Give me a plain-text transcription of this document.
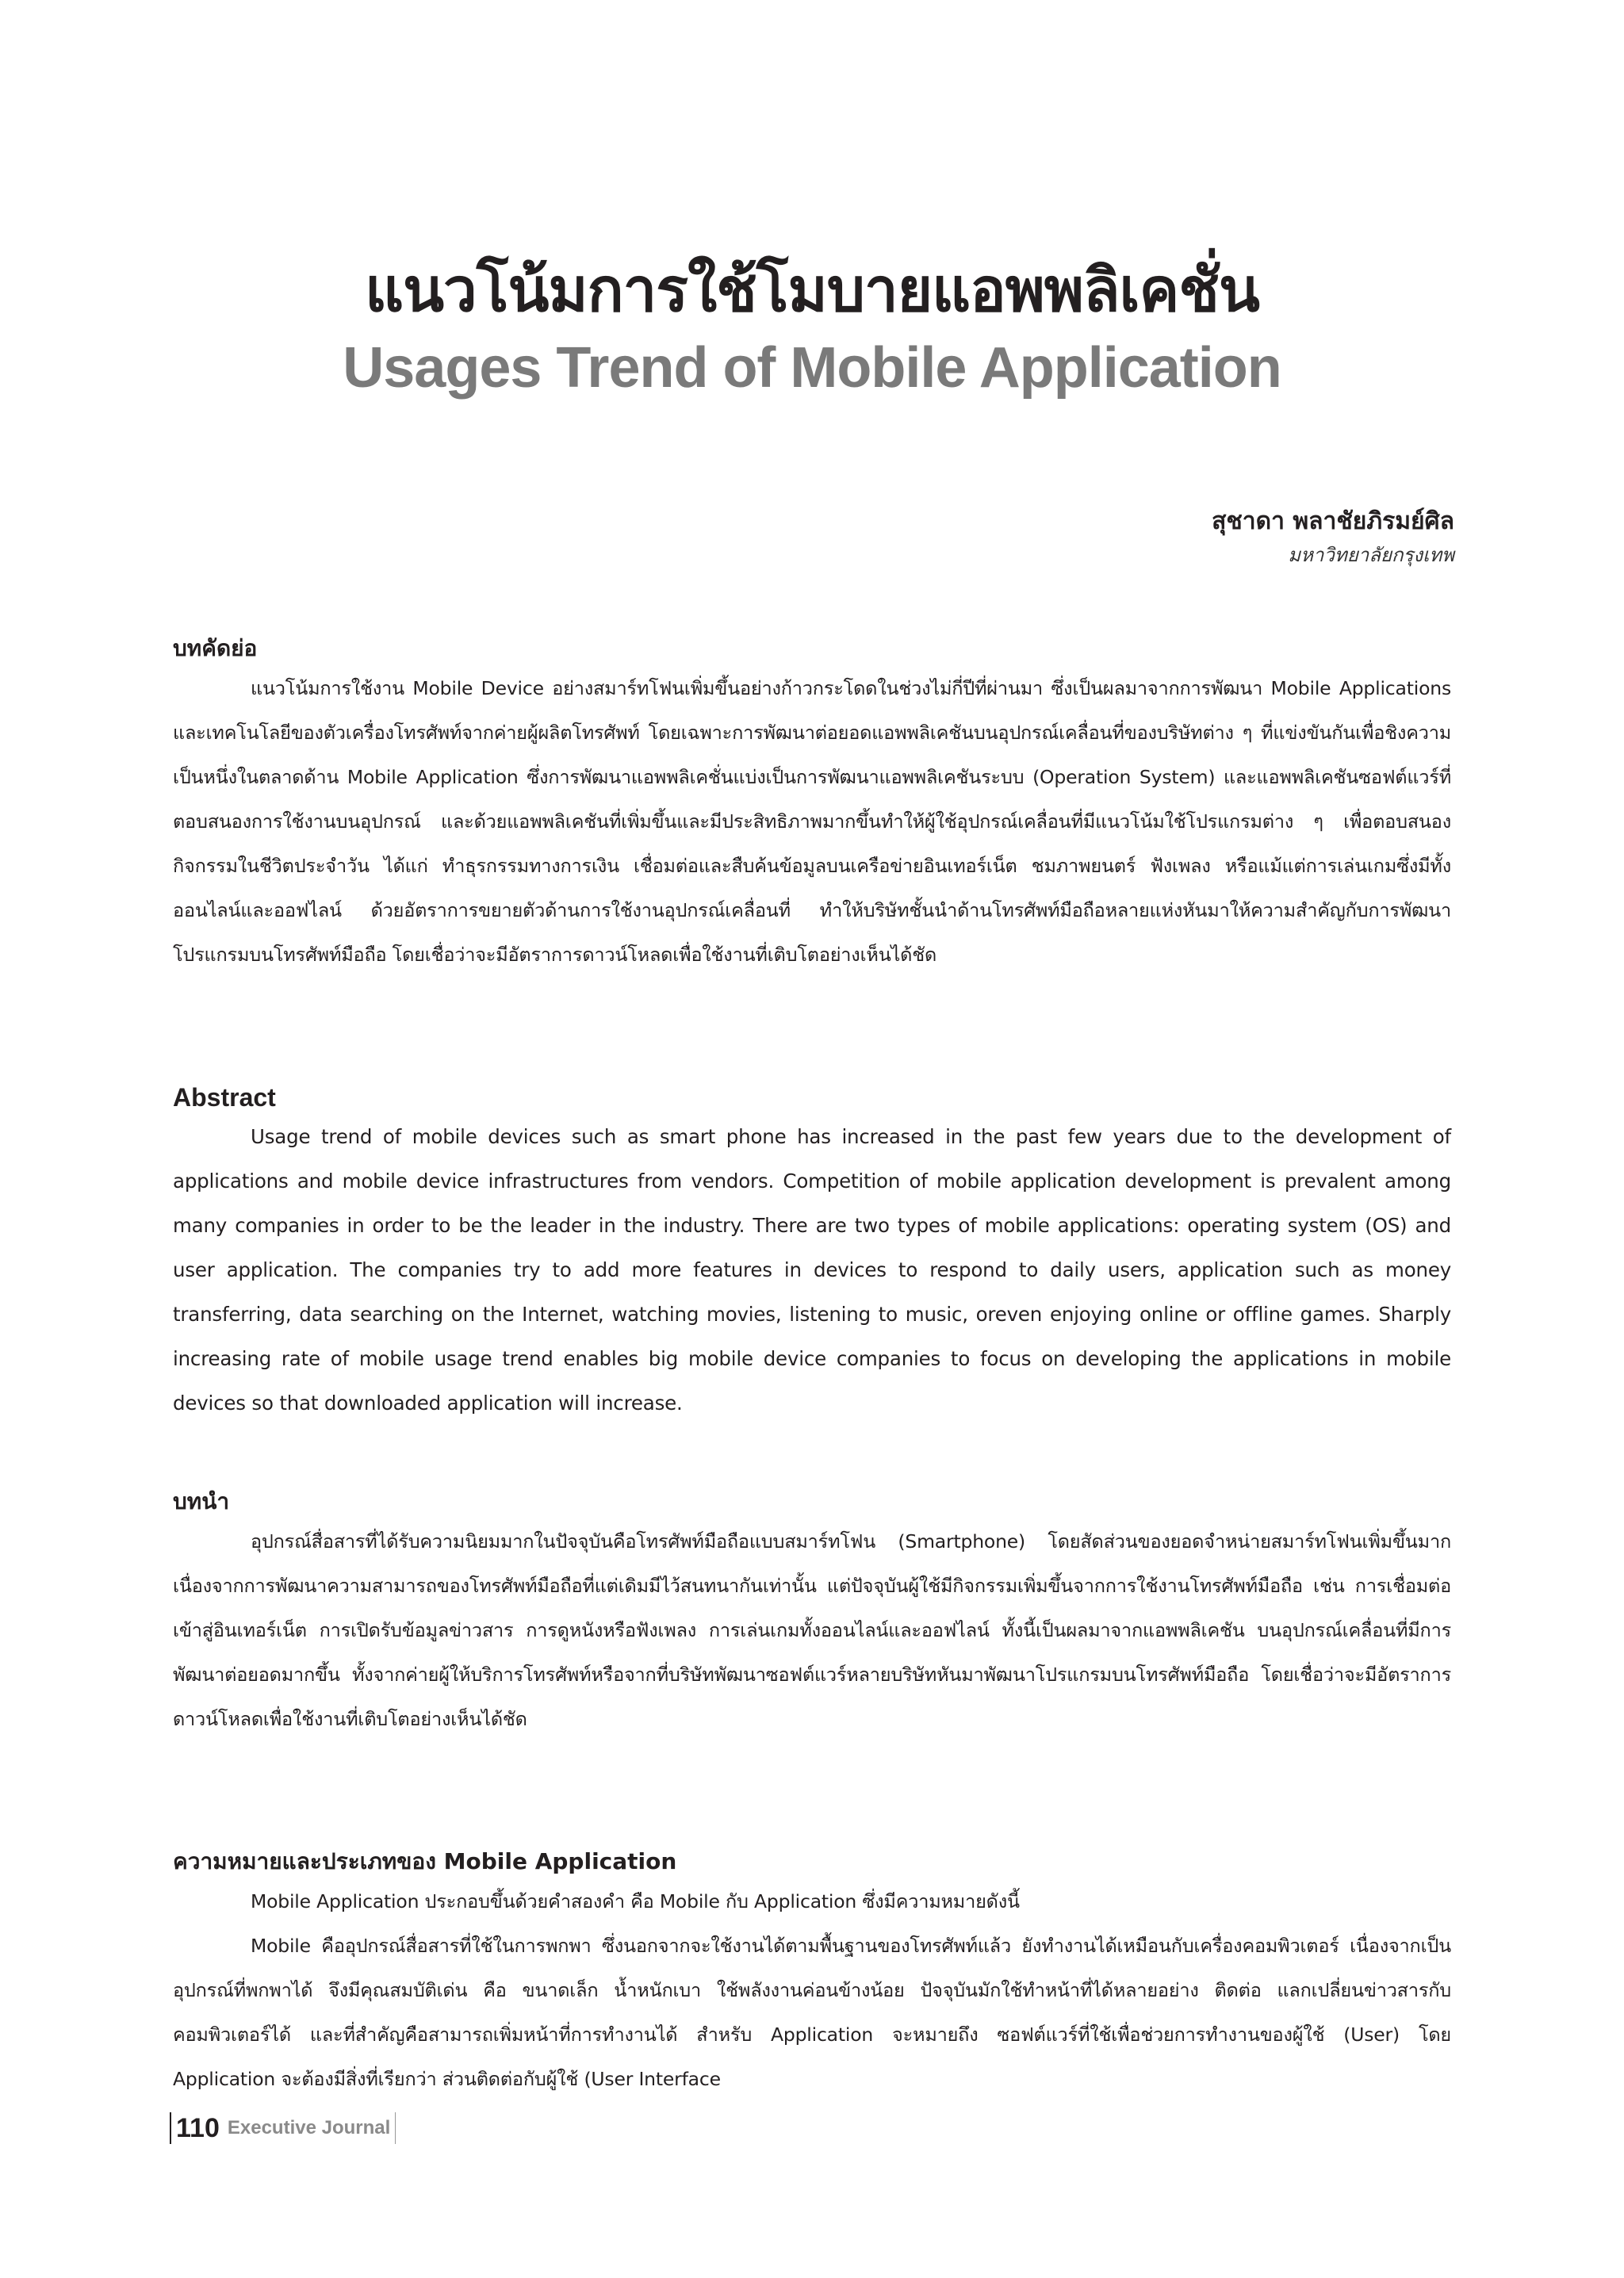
แนวโน้มการใช้โมบายแอพพลิเคชั่น
Usages Trend of Mobile Application
สุชาดา พลาชัยภิรมย์ศิล
มหาวิทยาลัยกรุงเทพ

บทคัดย่อ

แนวโน้มการใช้งาน Mobile Device อย่างสมาร์ทโฟนเพิ่มขึ้นอย่างก้าวกระโดดในช่วงไม่กี่ปีที่ผ่านมา ซึ่งเป็นผลมาจากการพัฒนา Mobile Applications และเทคโนโลยีของตัวเครื่องโทรศัพท์จากค่ายผู้ผลิตโทรศัพท์ โดยเฉพาะการพัฒนาต่อยอดแอพพลิเคชันบนอุปกรณ์เคลื่อนที่ของบริษัทต่าง ๆ ที่แข่งขันกันเพื่อชิงความเป็นหนึ่งในตลาดด้าน Mobile Application ซึ่งการพัฒนาแอพพลิเคชั่นแบ่งเป็นการพัฒนาแอพพลิเคชันระบบ (Operation System) และแอพพลิเคชันซอฟต์แวร์ที่ตอบสนองการใช้งานบนอุปกรณ์ และด้วยแอพพลิเคชันที่เพิ่มขึ้นและมีประสิทธิภาพมากขึ้นทำให้ผู้ใช้อุปกรณ์เคลื่อนที่มีแนวโน้มใช้โปรแกรมต่าง ๆ เพื่อตอบสนองกิจกรรมในชีวิตประจำวัน ได้แก่ ทำธุรกรรมทางการเงิน เชื่อมต่อและสืบค้นข้อมูลบนเครือข่ายอินเทอร์เน็ต ชมภาพยนตร์ ฟังเพลง หรือแม้แต่การเล่นเกมซึ่งมีทั้งออนไลน์และออฟไลน์ ด้วยอัตราการขยายตัวด้านการใช้งานอุปกรณ์เคลื่อนที่ ทำให้บริษัทชั้นนำด้านโทรศัพท์มือถือหลายแห่งหันมาให้ความสำคัญกับการพัฒนาโปรแกรมบนโทรศัพท์มือถือ โดยเชื่อว่าจะมีอัตราการดาวน์โหลดเพื่อใช้งานที่เติบโตอย่างเห็นได้ชัด

Abstract

Usage trend of mobile devices such as smart phone has increased in the past few years due to the development of applications and mobile device infrastructures from vendors. Competition of mobile application development is prevalent among many companies in order to be the leader in the industry. There are two types of mobile applications: operating system (OS) and user application. The companies try to add more features in devices to respond to daily users, application such as money transferring, data searching on the Internet, watching movies, listening to music, oreven enjoying online or offline games. Sharply increasing rate of mobile usage trend enables big mobile device companies to focus on developing the applications in mobile devices so that downloaded application will increase.

บทนำ

อุปกรณ์สื่อสารที่ได้รับความนิยมมากในปัจจุบันคือโทรศัพท์มือถือแบบสมาร์ทโฟน (Smartphone) โดยสัดส่วนของยอดจำหน่ายสมาร์ทโฟนเพิ่มขึ้นมาก เนื่องจากการพัฒนาความสามารถของโทรศัพท์มือถือที่แต่เดิมมีไว้สนทนากันเท่านั้น แต่ปัจจุบันผู้ใช้มีกิจกรรมเพิ่มขึ้นจากการใช้งานโทรศัพท์มือถือ เช่น การเชื่อมต่อเข้าสู่อินเทอร์เน็ต การเปิดรับข้อมูลข่าวสาร การดูหนังหรือฟังเพลง การเล่นเกมทั้งออนไลน์และออฟไลน์ ทั้งนี้เป็นผลมาจากแอพพลิเคชัน บนอุปกรณ์เคลื่อนที่มีการพัฒนาต่อยอดมากขึ้น ทั้งจากค่ายผู้ให้บริการโทรศัพท์หรือจากที่บริษัทพัฒนาซอฟต์แวร์หลายบริษัทหันมาพัฒนาโปรแกรมบนโทรศัพท์มือถือ โดยเชื่อว่าจะมีอัตราการดาวน์โหลดเพื่อใช้งานที่เติบโตอย่างเห็นได้ชัด

ความหมายและประเภทของ Mobile Application

Mobile Application ประกอบขึ้นด้วยคำสองคำ คือ Mobile กับ Application ซึ่งมีความหมายดังนี้

Mobile คืออุปกรณ์สื่อสารที่ใช้ในการพกพา ซึ่งนอกจากจะใช้งานได้ตามพื้นฐานของโทรศัพท์แล้ว ยังทำงานได้เหมือนกับเครื่องคอมพิวเตอร์ เนื่องจากเป็นอุปกรณ์ที่พกพาได้ จึงมีคุณสมบัติเด่น คือ ขนาดเล็ก น้ำหนักเบา ใช้พลังงานค่อนข้างน้อย ปัจจุบันมักใช้ทำหน้าที่ได้หลายอย่าง ติดต่อ แลกเปลี่ยนข่าวสารกับคอมพิวเตอร์ได้ และที่สำคัญคือสามารถเพิ่มหน้าที่การทำงานได้ สำหรับ Application จะหมายถึง ซอฟต์แวร์ที่ใช้เพื่อช่วยการทำงานของผู้ใช้ (User) โดย Application จะต้องมีสิ่งที่เรียกว่า ส่วนติดต่อกับผู้ใช้ (User Interface

110 Executive Journal
